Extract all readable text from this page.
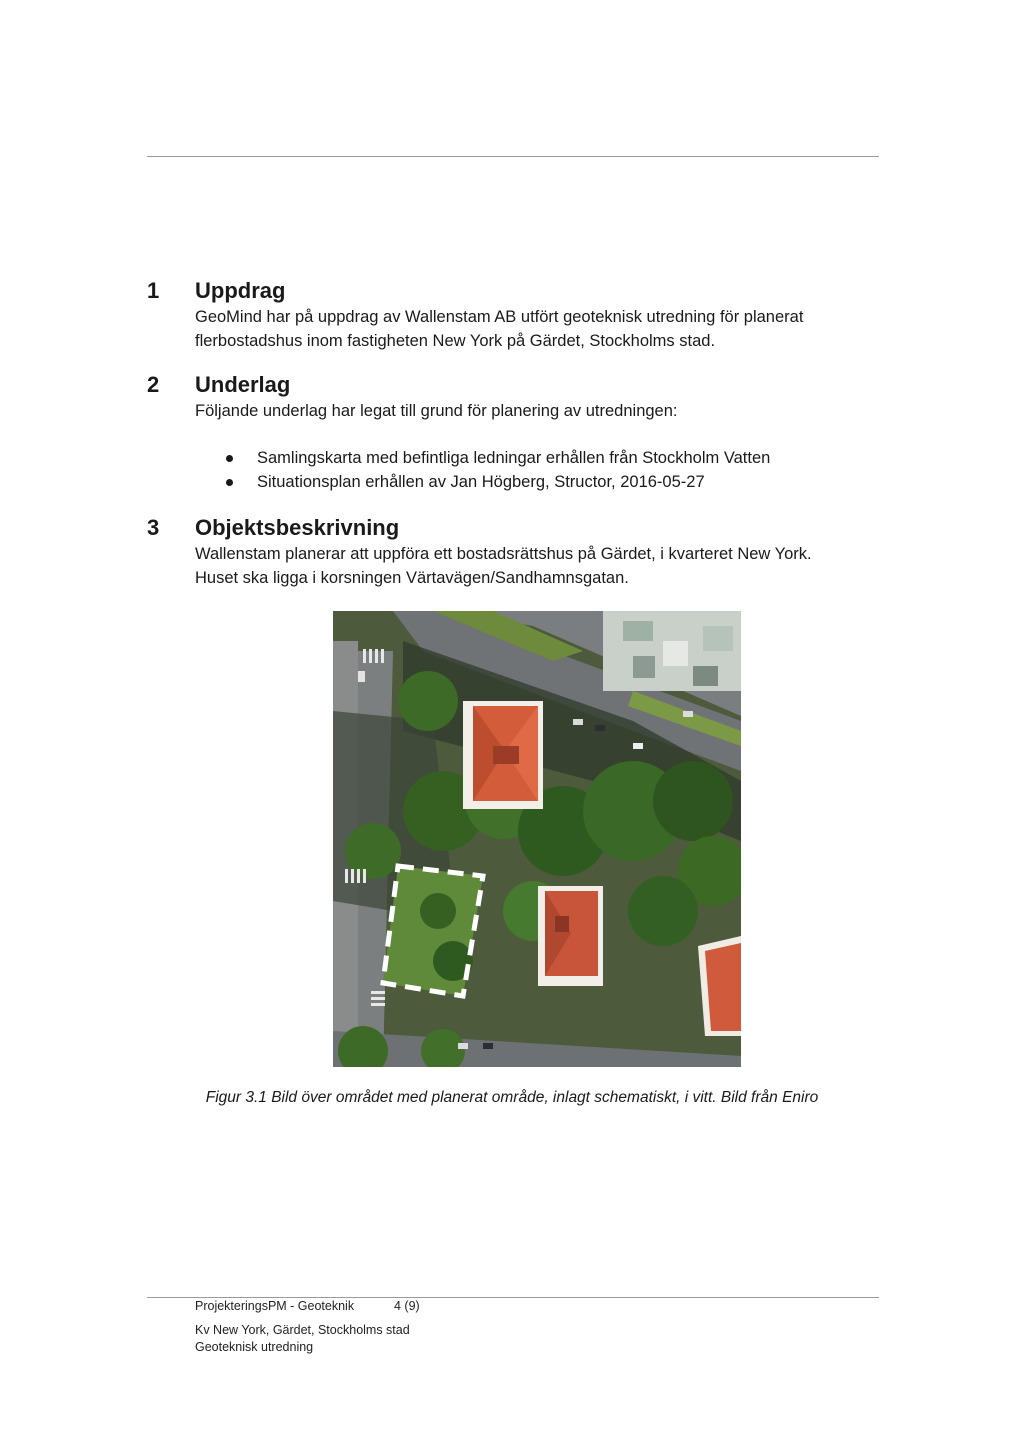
1 Uppdrag
GeoMind har på uppdrag av Wallenstam AB utfört geoteknisk utredning för planerat
flerbostadshus inom fastigheten New York på Gärdet, Stockholms stad.
2 Underlag
Följande underlag har legat till grund för planering av utredningen:
Samlingskarta med befintliga ledningar erhållen från Stockholm Vatten
Situationsplan erhållen av Jan Högberg, Structor, 2016-05-27
3 Objektsbeskrivning
Wallenstam planerar att uppföra ett bostadsrättshus på Gärdet, i kvarteret New York.
Huset ska ligga i korsningen Värtavägen/Sandhamnsgatan.
Figur 3.1 Bild över området med planerat område, inlagt schematiskt, i vitt. Bild från Eniro
ProjekteringsPM - Geoteknik	4 (9)
Kv New York, Gärdet, Stockholms stad
Geoteknisk utredning
